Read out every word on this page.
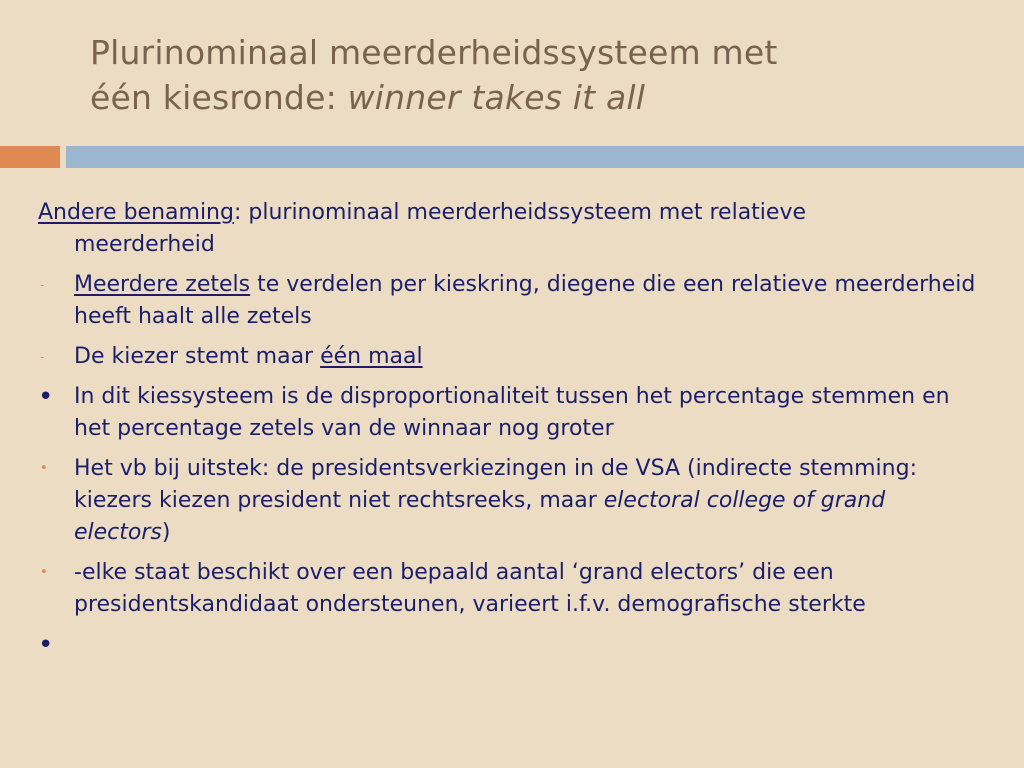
Plurinominaal meerderheidssysteem met
één kiesronde: winner takes it all
Andere benaming: plurinominaal meerderheidssysteem met relatieve
meerderheid
-	Meerdere zetels te verdelen per kieskring, diegene die een relatieve meerderheid heeft haalt alle zetels
-	De kiezer stemt maar één maal
• In dit kiessysteem is de disproportionaliteit tussen het percentage stemmen en het percentage zetels van de winnaar nog groter
•	Het vb bij uitstek: de presidentsverkiezingen in de VSA (indirecte stemming: kiezers kiezen president niet rechtsreeks, maar electoral college of grand electors)
•	-elke staat beschikt over een bepaald aantal ‘grand electors’ die een presidentskandidaat ondersteunen, varieert i.f.v. demografische sterkte
•
